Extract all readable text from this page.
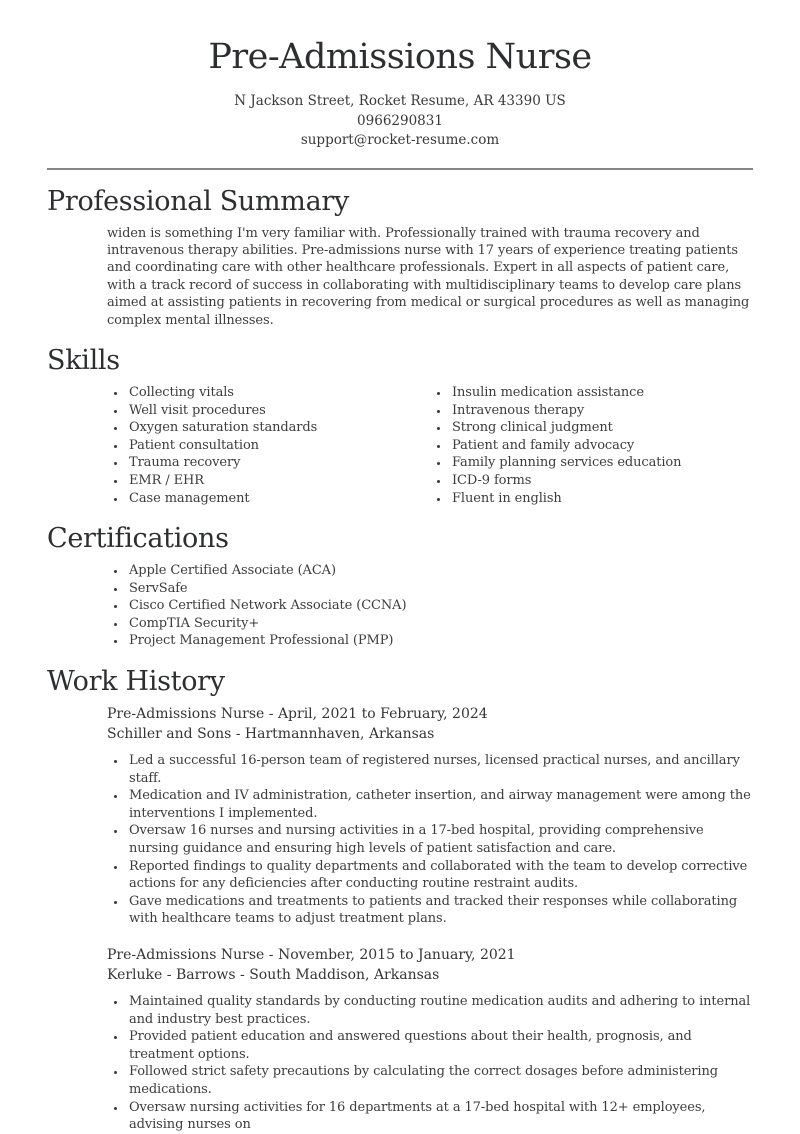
Pre-Admissions Nurse
N Jackson Street, Rocket Resume, AR 43390 US
0966290831
support@rocket-resume.com
Professional Summary

widen is something I'm very familiar with. Professionally trained with trauma recovery and intravenous therapy abilities. Pre-admissions nurse with 17 years of experience treating patients and coordinating care with other healthcare professionals. Expert in all aspects of patient care, with a track record of success in collaborating with multidisciplinary teams to develop care plans aimed at assisting patients in recovering from medical or surgical procedures as well as managing complex mental illnesses.

Skills
• Collecting vitals
• Well visit procedures
• Oxygen saturation standards
• Patient consultation
• Trauma recovery
• EMR / EHR
• Case management
• Insulin medication assistance
• Intravenous therapy
• Strong clinical judgment
• Patient and family advocacy
• Family planning services education
• ICD-9 forms
• Fluent in english
Certifications
• Apple Certified Associate (ACA)
• ServSafe
• Cisco Certified Network Associate (CCNA)
• CompTIA Security+
• Project Management Professional (PMP)
Work History
Pre-Admissions Nurse - April, 2021 to February, 2024
Schiller and Sons - Hartmannhaven, Arkansas
• Led a successful 16-person team of registered nurses, licensed practical nurses, and ancillary staff.
• Medication and IV administration, catheter insertion, and airway management were among the interventions I implemented.
• Oversaw 16 nurses and nursing activities in a 17-bed hospital, providing comprehensive nursing guidance and ensuring high levels of patient satisfaction and care.
• Reported findings to quality departments and collaborated with the team to develop corrective actions for any deficiencies after conducting routine restraint audits.
• Gave medications and treatments to patients and tracked their responses while collaborating with healthcare teams to adjust treatment plans.
Pre-Admissions Nurse - November, 2015 to January, 2021
Kerluke - Barrows - South Maddison, Arkansas
• Maintained quality standards by conducting routine medication audits and adhering to internal and industry best practices.
• Provided patient education and answered questions about their health, prognosis, and treatment options.
• Followed strict safety precautions by calculating the correct dosages before administering medications.
• Oversaw nursing activities for 16 departments at a 17-bed hospital with 12+ employees, advising nurses on
